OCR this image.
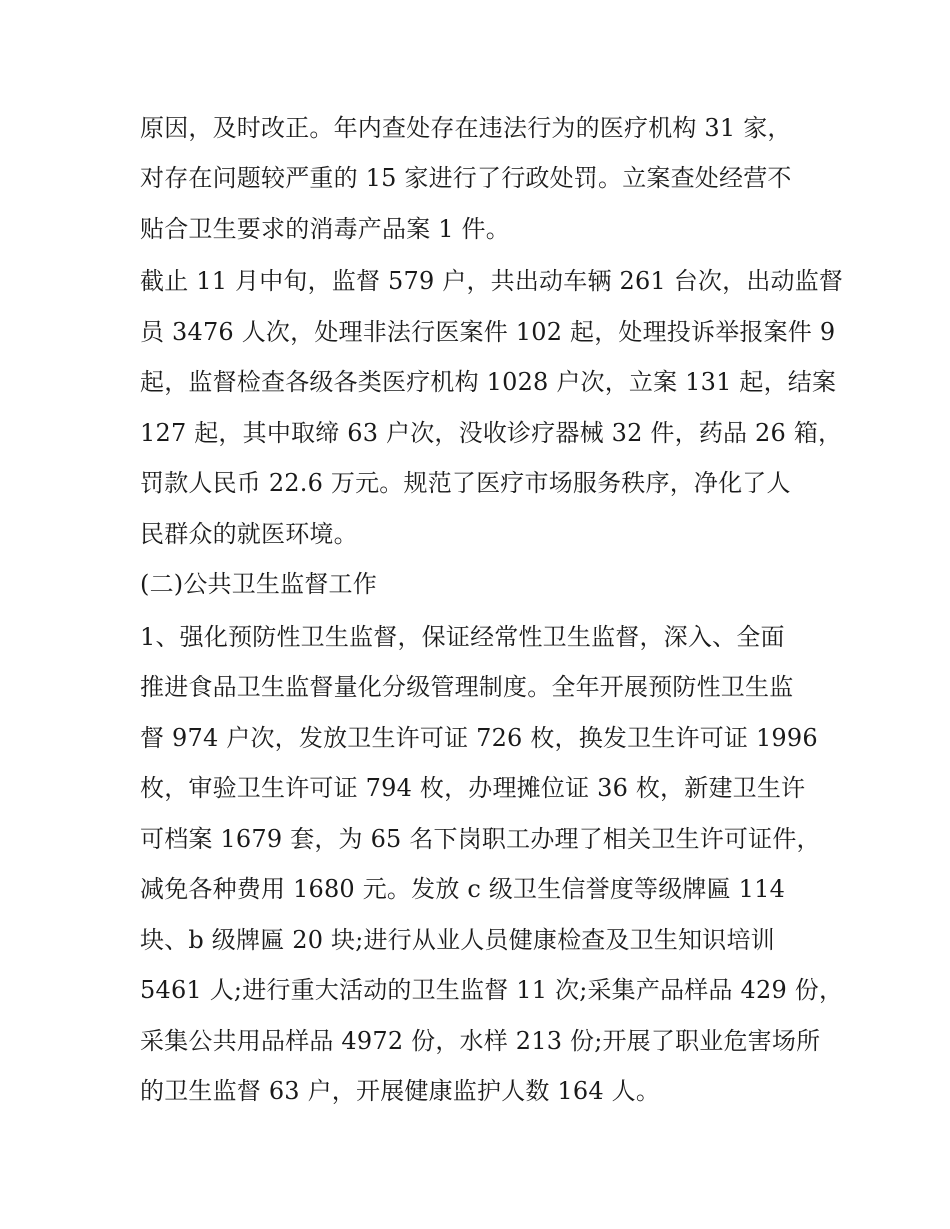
原因，及时改正。年内查处存在违法行为的医疗机构 31 家，
对存在问题较严重的 15 家进行了行政处罚。立案查处经营不
贴合卫生要求的消毒产品案 1 件。
截止 11 月中旬，监督 579 户，共出动车辆 261 台次，出动监督
员 3476 人次，处理非法行医案件 102 起，处理投诉举报案件 9
起，监督检查各级各类医疗机构 1028 户次，立案 131 起，结案
127 起，其中取缔 63 户次，没收诊疗器械 32 件，药品 26 箱，
罚款人民币 22.6 万元。规范了医疗市场服务秩序，净化了人
民群众的就医环境。
(二)公共卫生监督工作
1、强化预防性卫生监督，保证经常性卫生监督，深入、全面
推进食品卫生监督量化分级管理制度。全年开展预防性卫生监
督 974 户次，发放卫生许可证 726 枚，换发卫生许可证 1996
枚，审验卫生许可证 794 枚，办理摊位证 36 枚，新建卫生许
可档案 1679 套，为 65 名下岗职工办理了相关卫生许可证件，
减免各种费用 1680 元。发放 c 级卫生信誉度等级牌匾 114
块、b 级牌匾 20 块;进行从业人员健康检查及卫生知识培训
5461 人;进行重大活动的卫生监督 11 次;采集产品样品 429 份，
采集公共用品样品 4972 份，水样 213 份;开展了职业危害场所
的卫生监督 63 户，开展健康监护人数 164 人。
